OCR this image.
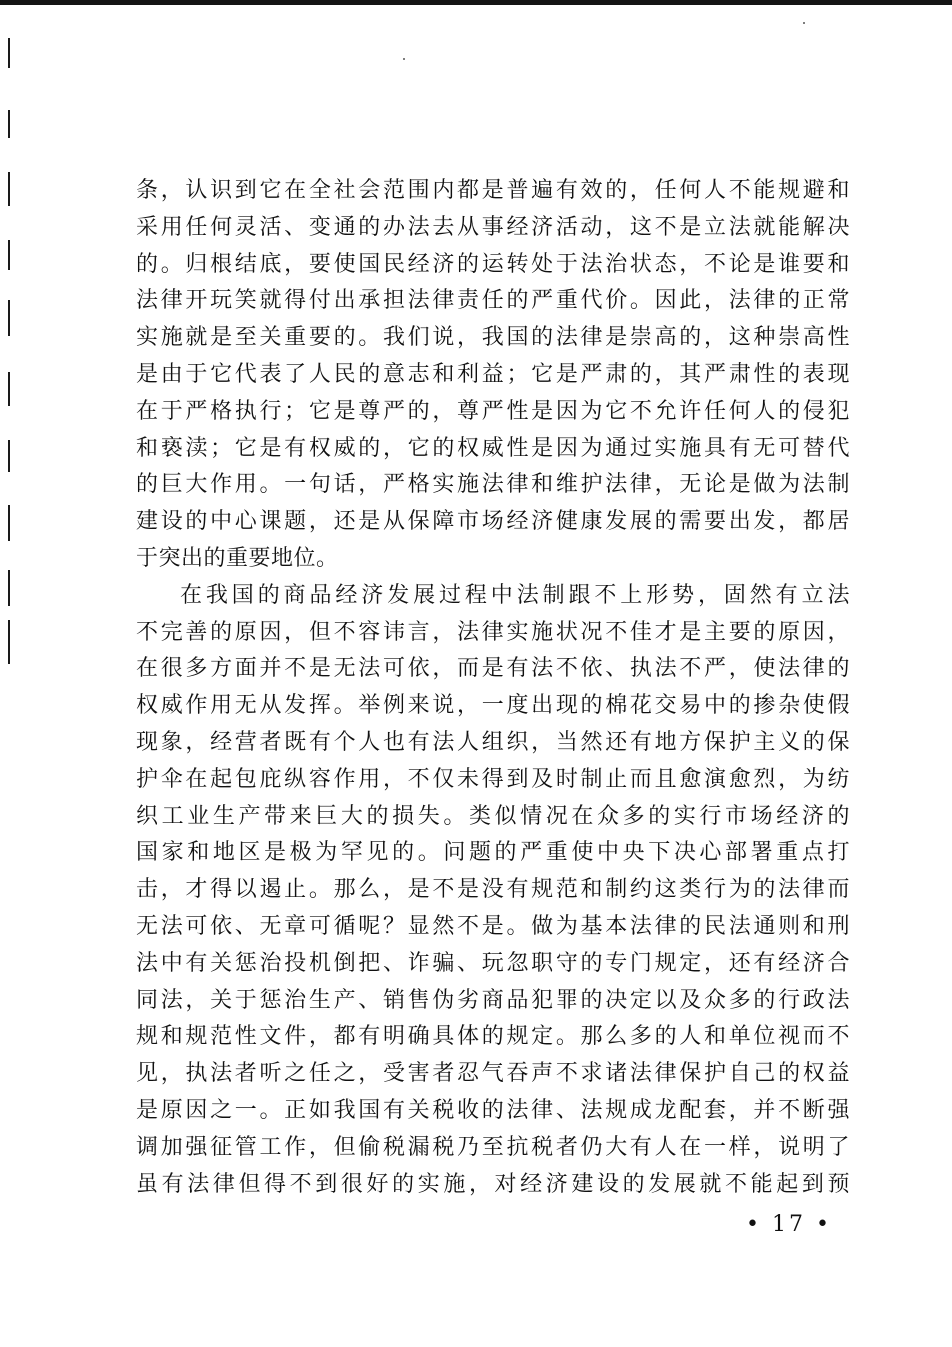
条，认识到它在全社会范围内都是普遍有效的，任何人不能规避和

采用任何灵活、变通的办法去从事经济活动，这不是立法就能解决

的。归根结底，要使国民经济的运转处于法治状态，不论是谁要和

法律开玩笑就得付出承担法律责任的严重代价。因此，法律的正常

实施就是至关重要的。我们说，我国的法律是崇高的，这种崇高性

是由于它代表了人民的意志和利益；它是严肃的，其严肃性的表现

在于严格执行；它是尊严的，尊严性是因为它不允许任何人的侵犯

和亵渎；它是有权威的，它的权威性是因为通过实施具有无可替代

的巨大作用。一句话，严格实施法律和维护法律，无论是做为法制

建设的中心课题，还是从保障市场经济健康发展的需要出发，都居

于突出的重要地位。

在我国的商品经济发展过程中法制跟不上形势，固然有立法

不完善的原因，但不容讳言，法律实施状况不佳才是主要的原因，

在很多方面并不是无法可依，而是有法不依、执法不严，使法律的

权威作用无从发挥。举例来说，一度出现的棉花交易中的掺杂使假

现象，经营者既有个人也有法人组织，当然还有地方保护主义的保

护伞在起包庇纵容作用，不仅未得到及时制止而且愈演愈烈，为纺

织工业生产带来巨大的损失。类似情况在众多的实行市场经济的

国家和地区是极为罕见的。问题的严重使中央下决心部署重点打

击，才得以遏止。那么，是不是没有规范和制约这类行为的法律而

无法可依、无章可循呢？显然不是。做为基本法律的民法通则和刑

法中有关惩治投机倒把、诈骗、玩忽职守的专门规定，还有经济合

同法，关于惩治生产、销售伪劣商品犯罪的决定以及众多的行政法

规和规范性文件，都有明确具体的规定。那么多的人和单位视而不

见，执法者听之任之，受害者忍气吞声不求诸法律保护自己的权益

是原因之一。正如我国有关税收的法律、法规成龙配套，并不断强

调加强征管工作，但偷税漏税乃至抗税者仍大有人在一样，说明了

虽有法律但得不到很好的实施，对经济建设的发展就不能起到预

• 17 •
